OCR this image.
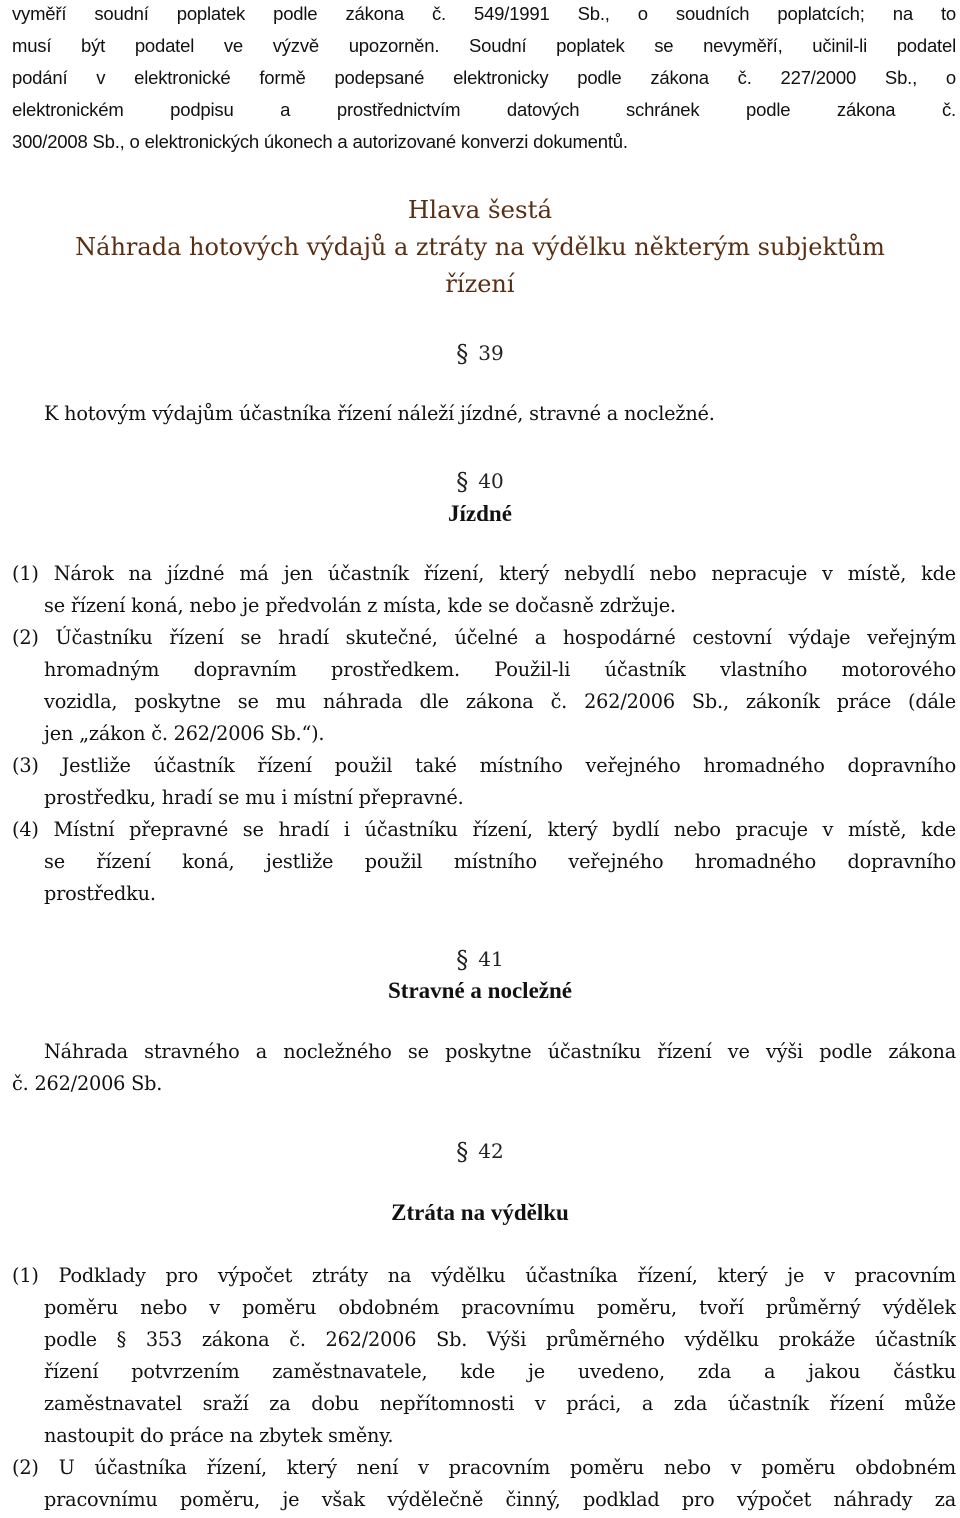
vyměří soudní poplatek podle zákona č. 549/1991 Sb., o soudních poplatcích; na to
musí být podatel ve výzvě upozorněn. Soudní poplatek se nevyměří, učinil-li podatel
podání v elektronické formě podepsané elektronicky podle zákona č. 227/2000 Sb., o
elektronickém podpisu a prostřednictvím datových schránek podle zákona č.
300/2008 Sb., o elektronických úkonech a autorizované konverzi dokumentů.
Hlava šestá
Náhrada hotových výdajů a ztráty na výdělku některým subjektům
řízení
§ 39
K hotovým výdajům účastníka řízení náleží jízdné, stravné a nocležné.
§ 40
Jízdné
(1) Nárok na jízdné má jen účastník řízení, který nebydlí nebo nepracuje v místě, kde
se řízení koná, nebo je předvolán z místa, kde se dočasně zdržuje.
(2) Účastníku řízení se hradí skutečné, účelné a hospodárné cestovní výdaje veřejným
hromadným dopravním prostředkem. Použil-li účastník vlastního motorového
vozidla, poskytne se mu náhrada dle zákona č. 262/2006 Sb., zákoník práce (dále
jen „zákon č. 262/2006 Sb.“).
(3) Jestliže účastník řízení použil také místního veřejného hromadného dopravního
prostředku, hradí se mu i místní přepravné.
(4) Místní přepravné se hradí i účastníku řízení, který bydlí nebo pracuje v místě, kde
se řízení koná, jestliže použil místního veřejného hromadného dopravního
prostředku.
§ 41
Stravné a nocležné
Náhrada stravného a nocležného se poskytne účastníku řízení ve výši podle zákona
č. 262/2006 Sb.
§ 42
Ztráta na výdělku
(1) Podklady pro výpočet ztráty na výdělku účastníka řízení, který je v pracovním
poměru nebo v poměru obdobném pracovnímu poměru, tvoří průměrný výdělek
podle § 353 zákona č. 262/2006 Sb. Výši průměrného výdělku prokáže účastník
řízení potvrzením zaměstnavatele, kde je uvedeno, zda a jakou částku
zaměstnavatel sraží za dobu nepřítomnosti v práci, a zda účastník řízení může
nastoupit do práce na zbytek směny.
(2) U účastníka řízení, který není v pracovním poměru nebo v poměru obdobném
pracovnímu poměru, je však výdělečně činný, podklad pro výpočet náhrady za
